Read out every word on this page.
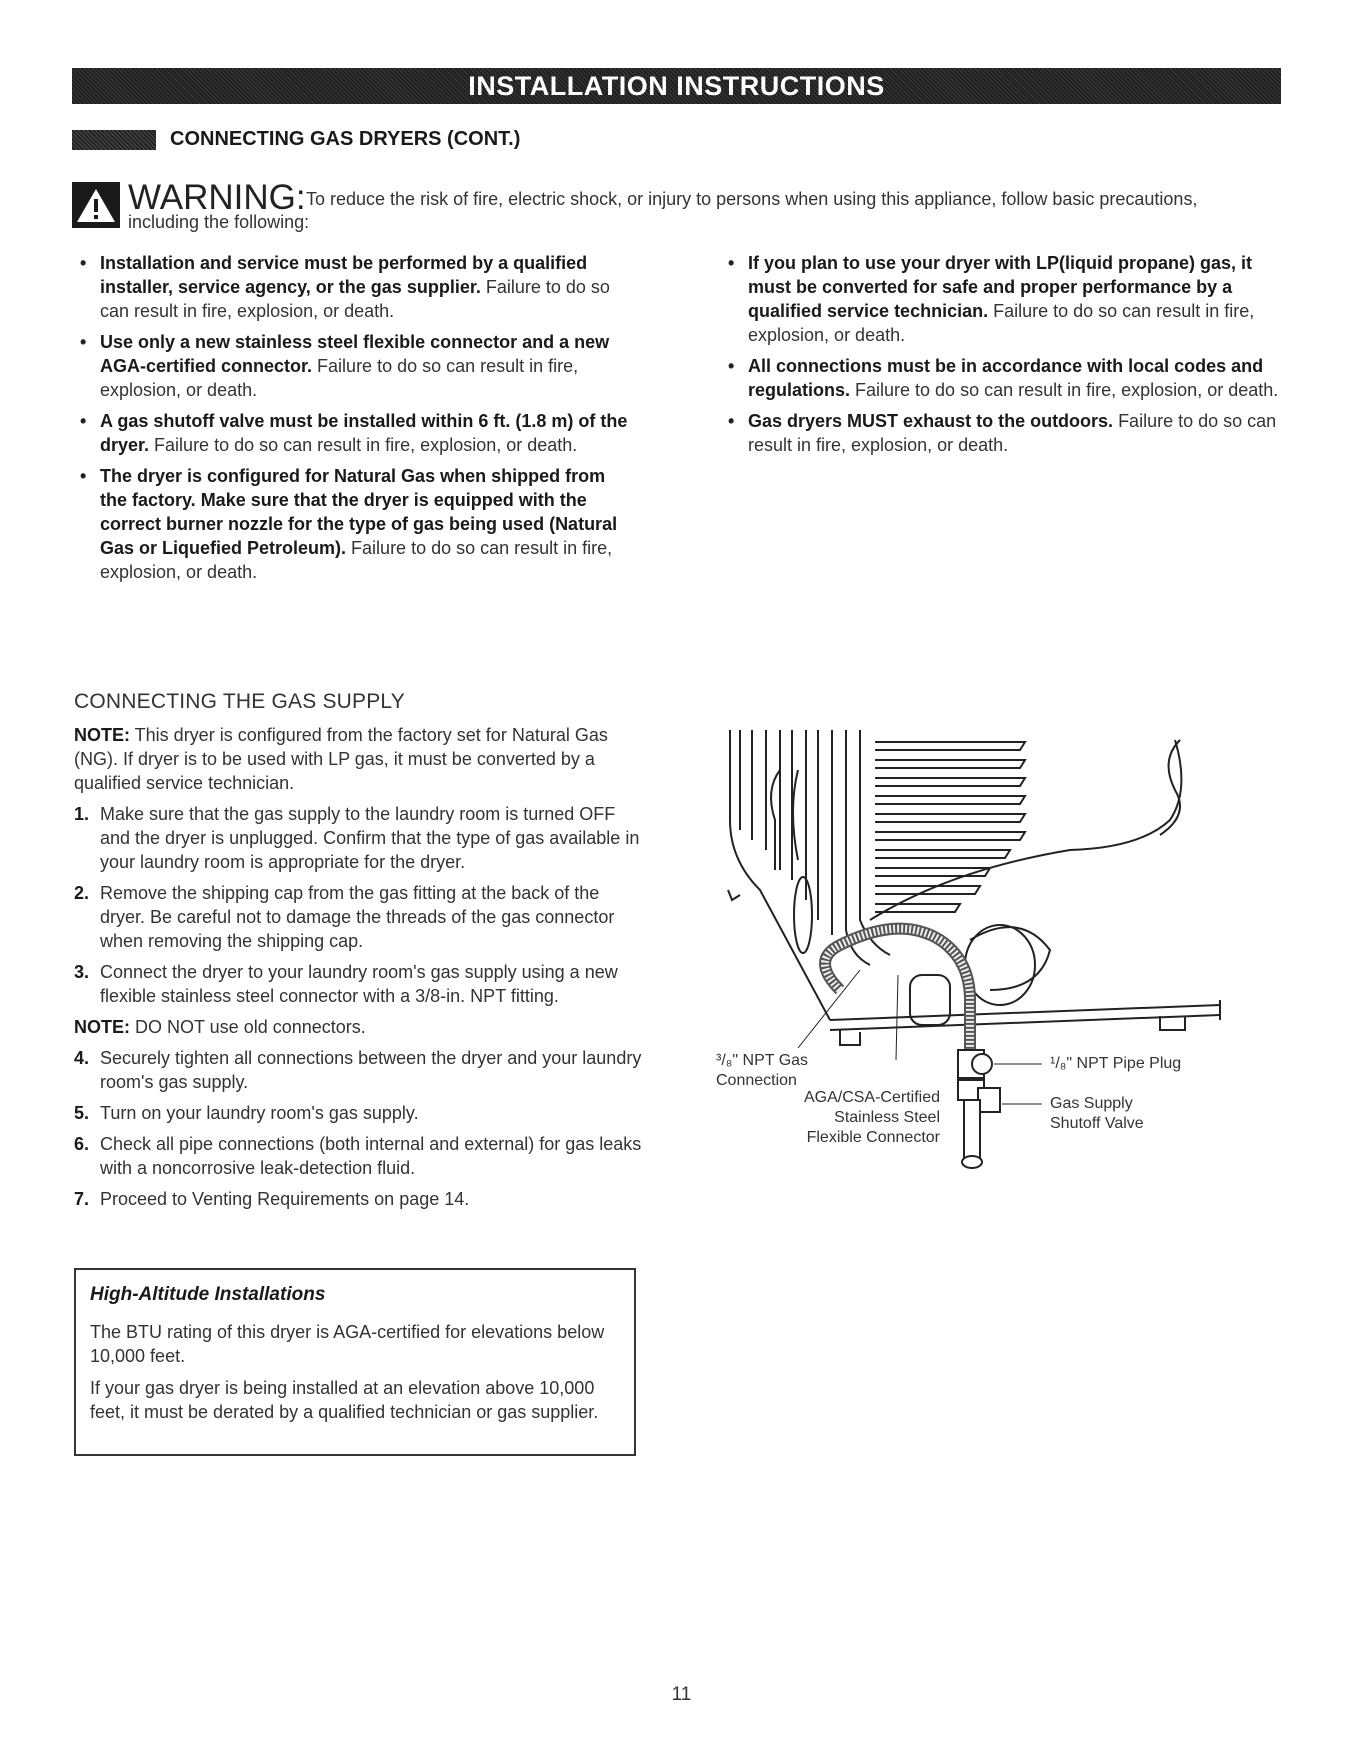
INSTALLATION INSTRUCTIONS
CONNECTING GAS DRYERS (CONT.)
WARNING: To reduce the risk of fire, electric shock, or injury to persons when using this appliance, follow basic precautions,
including the following:
• Installation and service must be performed by a qualified installer, service agency, or the gas supplier. Failure to do so can result in fire, explosion, or death.
• Use only a new stainless steel flexible connector and a new AGA-certified connector. Failure to do so can result in fire, explosion, or death.
• A gas shutoff valve must be installed within 6 ft. (1.8 m) of the dryer. Failure to do so can result in fire, explosion, or death.
• The dryer is configured for Natural Gas when shipped from the factory. Make sure that the dryer is equipped with the correct burner nozzle for the type of gas being used (Natural Gas or Liquefied Petroleum). Failure to do so can result in fire, explosion, or death.
• If you plan to use your dryer with LP(liquid propane) gas, it must be converted for safe and proper performance by a qualified service technician. Failure to do so can result in fire, explosion, or death.
• All connections must be in accordance with local codes and regulations. Failure to do so can result in fire, explosion, or death.
• Gas dryers MUST exhaust to the outdoors. Failure to do so can result in fire, explosion, or death.
CONNECTING THE GAS SUPPLY

NOTE: This dryer is configured from the factory set for Natural Gas (NG). If dryer is to be used with LP gas, it must be converted by a qualified service technician.

1. Make sure that the gas supply to the laundry room is turned OFF and the dryer is unplugged. Confirm that the type of gas available in your laundry room is appropriate for the dryer.
2. Remove the shipping cap from the gas fitting at the back of the dryer. Be careful not to damage the threads of the gas connector when removing the shipping cap.
3. Connect the dryer to your laundry room's gas supply using a new flexible stainless steel connector with a 3/8-in. NPT fitting.

NOTE: DO NOT use old connectors.

4. Securely tighten all connections between the dryer and your laundry room's gas supply.
5. Turn on your laundry room's gas supply.
6. Check all pipe connections (both internal and external) for gas leaks with a noncorrosive leak-detection fluid.
7. Proceed to Venting Requirements on page 14.
High-Altitude Installations
The BTU rating of this dryer is AGA-certified for elevations below 10,000 feet.
If your gas dryer is being installed at an elevation above 10,000 feet, it must be derated by a qualified technician or gas supplier.
³/₈" NPT Gas
Connection
AGA/CSA-Certified
Stainless Steel
Flexible Connector
¹/₈" NPT Pipe Plug
Gas Supply
Shutoff Valve
11
